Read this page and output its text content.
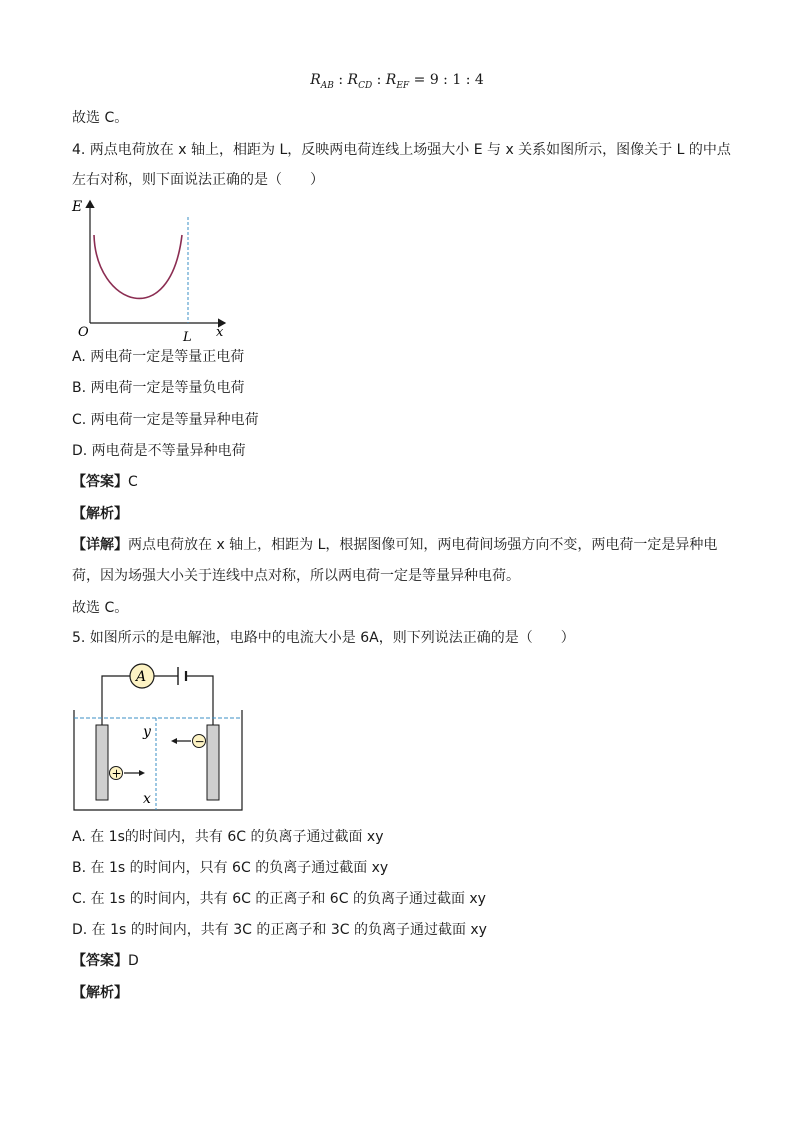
$R_{AB}$ : $R_{CD}$ : $R_{EF} = 9$ : 1 : 4
故选 C。
4. 两点电荷放在 x 轴上，相距为 L，反映两电荷连线上场强大小 E 与 x 关系如图所示，图像关于 L 的中点
左右对称，则下面说法正确的是（　　）
E
x
O	L
A. 两电荷一定是等量正电荷
B. 两电荷一定是等量负电荷
C. 两电荷一定是等量异种电荷
D. 两电荷是不等量异种电荷
【答案】C
【解析】
【详解】两点电荷放在 x 轴上，相距为 L，根据图像可知，两电荷间场强方向不变，两电荷一定是异种电
荷，因为场强大小关于连线中点对称，所以两电荷一定是等量异种电荷。
故选 C。
5. 如图所示的是电解池，电路中的电流大小是 6A，则下列说法正确的是（　　）
A
y
x
−
+
A. 在 1s的时间内，共有 6C 的负离子通过截面 xy
B. 在 1s 的时间内，只有 6C 的负离子通过截面 xy
C. 在 1s 的时间内，共有 6C 的正离子和 6C 的负离子通过截面 xy
D. 在 1s 的时间内，共有 3C 的正离子和 3C 的负离子通过截面 xy
【答案】D
【解析】
